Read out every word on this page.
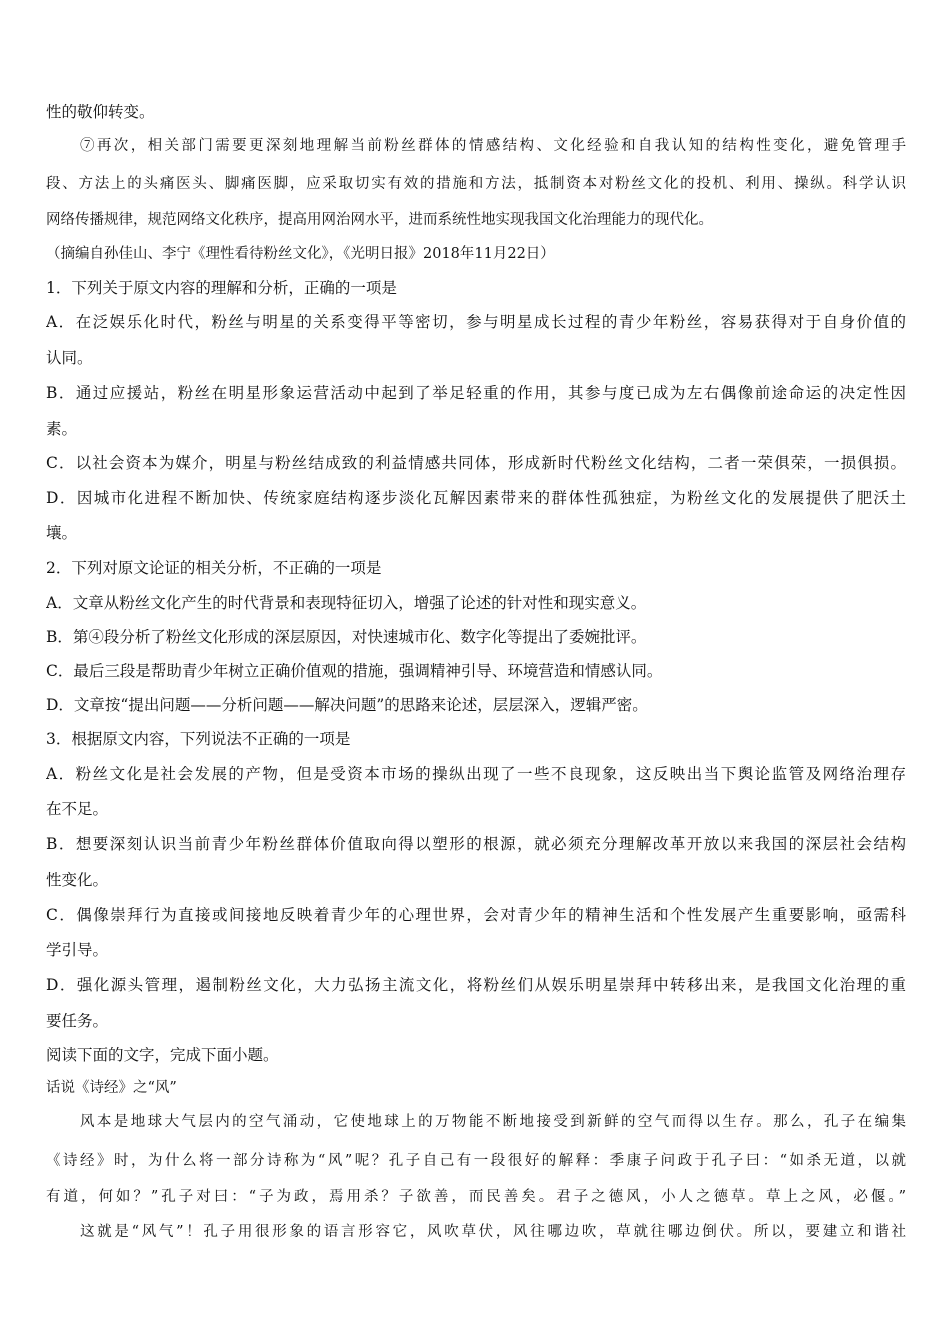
性的敬仰转变。
⑦再次，相关部门需要更深刻地理解当前粉丝群体的情感结构、文化经验和自我认知的结构性变化，避免管理手
段、方法上的头痛医头、脚痛医脚，应采取切实有效的措施和方法，抵制资本对粉丝文化的投机、利用、操纵。科学认识
网络传播规律，规范网络文化秩序，提高用网治网水平，进而系统性地实现我国文化治理能力的现代化。
（摘编自孙佳山、李宁《理性看待粉丝文化》，《光明日报》2018年11月22日）
1．下列关于原文内容的理解和分析，正确的一项是
A．在泛娱乐化时代，粉丝与明星的关系变得平等密切，参与明星成长过程的青少年粉丝，容易获得对于自身价值的
认同。
B．通过应援站，粉丝在明星形象运营活动中起到了举足轻重的作用，其参与度已成为左右偶像前途命运的决定性因
素。
C．以社会资本为媒介，明星与粉丝结成致的利益情感共同体，形成新时代粉丝文化结构，二者一荣俱荣，一损俱损。
D．因城市化进程不断加快、传统家庭结构逐步淡化瓦解因素带来的群体性孤独症，为粉丝文化的发展提供了肥沃土
壤。
2．下列对原文论证的相关分析，不正确的一项是
A．文章从粉丝文化产生的时代背景和表现特征切入，增强了论述的针对性和现实意义。
B．第④段分析了粉丝文化形成的深层原因，对快速城市化、数字化等提出了委婉批评。
C．最后三段是帮助青少年树立正确价值观的措施，强调精神引导、环境营造和情感认同。
D．文章按“提出问题——分析问题——解决问题”的思路来论述，层层深入，逻辑严密。
3．根据原文内容，下列说法不正确的一项是
A．粉丝文化是社会发展的产物，但是受资本市场的操纵出现了一些不良现象，这反映出当下舆论监管及网络治理存
在不足。
B．想要深刻认识当前青少年粉丝群体价值取向得以塑形的根源，就必须充分理解改革开放以来我国的深层社会结构
性变化。
C．偶像崇拜行为直接或间接地反映着青少年的心理世界，会对青少年的精神生活和个性发展产生重要影响，亟需科
学引导。
D．强化源头管理，遏制粉丝文化，大力弘扬主流文化，将粉丝们从娱乐明星崇拜中转移出来，是我国文化治理的重
要任务。
阅读下面的文字，完成下面小题。
话说《诗经》之“风”
风本是地球大气层内的空气涌动，它使地球上的万物能不断地接受到新鲜的空气而得以生存。那么，孔子在编集
《诗经》时，为什么将一部分诗称为“风”呢？孔子自己有一段很好的解释：季康子问政于孔子曰：“如杀无道，以就
有道，何如？”孔子对曰：“子为政，焉用杀？子欲善，而民善矣。君子之德风，小人之德草。草上之风，必偃。”
这就是“风气”！孔子用很形象的语言形容它，风吹草伏，风往哪边吹，草就往哪边倒伏。所以，要建立和谐社
